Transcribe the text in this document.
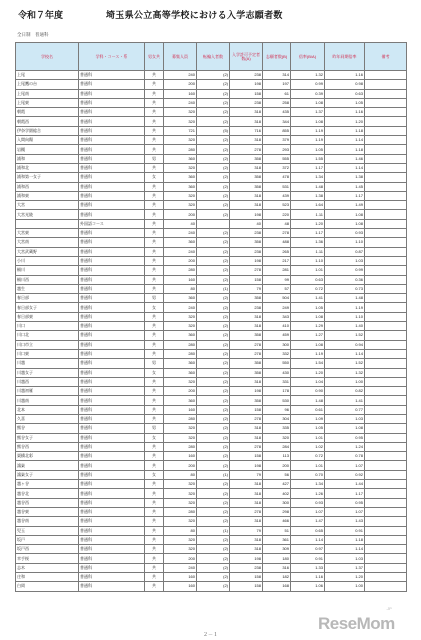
令和７年度	埼玉県公立高等学校における入学志願者数
全日制　普通科
学校名	学科・コース・系	男女共	募集人員	転編入者数	入学許可予定者数(A)	志願者数(B)	倍率(B/A)	昨年同期倍率	備考
上尾	普通科	共	240	(2)	238	314	1.32	1.16	
上尾鷹の台	普通科	共	200	(2)	198	197	0.99	0.98	
上尾南	普通科	共	160	(2)	158	61	0.39	0.63	
上尾東	普通科	共	240	(2)	238	258	1.08	1.05	
朝霞	普通科	共	320	(2)	318	435	1.37	1.16	
朝霞西	普通科	共	320	(2)	318	344	1.08	1.20	
伊奈学園総合	普通科	共	721	(5)	716	855	1.19	1.18	
入間向陽	普通科	共	320	(2)	318	379	1.19	1.14	
岩槻	普通科	共	280	(2)	278	293	1.05	1.18	
浦和	普通科	男	360	(2)	358	555	1.55	1.46	
浦和北	普通科	共	320	(2)	318	372	1.17	1.14	
浦和第一女子	普通科	女	360	(2)	358	478	1.34	1.38	
浦和西	普通科	共	360	(2)	358	531	1.48	1.45	
浦和東	普通科	共	320	(2)	318	439	1.38	1.17	
大宮	普通科	共	320	(2)	318	523	1.64	1.49	
大宮光陵	普通科	共	200	(2)	198	220	1.11	1.08	
	外国語コース	共	40		40	48	1.20	1.08	
大宮東	普通科	共	240	(2)	238	278	1.17	0.93	
大宮南	普通科	共	360	(2)	358	488	1.36	1.10	
大宮武蔵野	普通科	共	240	(2)	238	265	1.11	0.87	
小川	普通科	共	200	(2)	198	217	1.10	1.03	
桶川	普通科	共	280	(2)	278	281	1.01	0.99	
桶川西	普通科	共	160	(2)	158	99	0.63	0.36	
越生	普通科	共	80	(1)	79	57	0.72	0.73	
春日部	普通科	男	360	(2)	358	504	1.41	1.48	
春日部女子	普通科	女	240	(2)	238	249	1.05	1.19	
春日部東	普通科	共	320	(2)	318	343	1.08	1.10	
川口	普通科	共	320	(2)	318	410	1.29	1.40	
川口北	普通科	共	360	(2)	358	459	1.27	1.52	
川口市立	普通科	共	280	(2)	278	300	1.08	0.94	
川口東	普通科	共	280	(2)	278	332	1.19	1.14	
川越	普通科	男	360	(2)	358	550	1.54	1.52	
川越女子	普通科	女	360	(2)	358	430	1.20	1.32	
川越西	普通科	共	320	(2)	318	331	1.04	1.00	
川越初雁	普通科	共	200	(2)	198	178	0.90	0.82	
川越南	普通科	共	360	(2)	358	530	1.48	1.41	
北本	普通科	共	160	(2)	158	96	0.61	0.77	
久喜	普通科	共	280	(2)	278	304	1.09	1.03	
熊谷	普通科	男	320	(2)	318	335	1.05	1.08	
熊谷女子	普通科	女	320	(2)	318	320	1.01	0.95	
熊谷西	普通科	共	280	(2)	278	284	1.02	1.24	
栗橋北彩	普通科	共	160	(2)	158	113	0.72	0.78	
鴻巣	普通科	共	200	(2)	198	200	1.01	1.07	
鴻巣女子	普通科	女	80	(1)	79	56	0.70	0.92	
越ヶ谷	普通科	共	320	(2)	318	427	1.34	1.44	
越谷北	普通科	共	320	(2)	318	402	1.26	1.17	
越谷西	普通科	共	320	(2)	318	300	0.93	0.95	
越谷東	普通科	共	280	(2)	278	298	1.07	1.07	
越谷南	普通科	共	320	(2)	318	466	1.47	1.43	
児玉	普通科	共	80	(1)	79	51	0.65	0.91	
坂戸	普通科	共	320	(2)	318	361	1.14	1.18	
坂戸西	普通科	共	320	(2)	318	309	0.97	1.14	
幸手桜	普通科	共	200	(2)	198	180	0.91	1.03	
志木	普通科	共	240	(2)	238	316	1.33	1.37	
庄和	普通科	共	160	(2)	158	182	1.16	1.20	
白岡	普通科	共	160	(2)	158	168	1.06	1.00	
２－１
ReseMom
.JP
